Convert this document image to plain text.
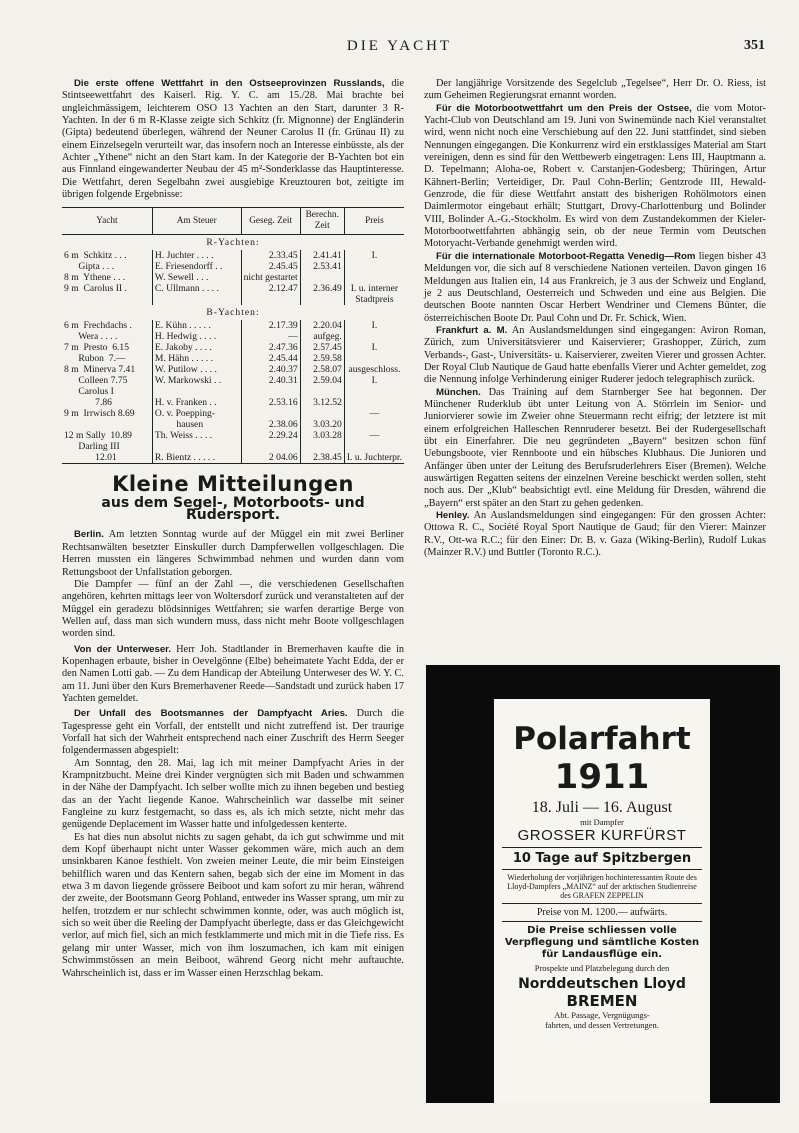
DIE YACHT	351

Die erste offene Wettfahrt in den Ostseeprovinzen Russlands, die Stintseewettfahrt des Kaiserl. Rig. Y. C. am 15./28. Mai brachte bei ungleichmässigem, leichterem OSO 13 Yachten an den Start, darunter 3 R-Yachten. In der 6 m R-Klasse zeigte sich Schkitz (fr. Mignonne) der Engländerin (Gipta) bedeutend überlegen, während der Neuner Carolus II (fr. Grünau II) zu einem Einzelsegeln verurteilt war, das insofern noch an Interesse einbüsste, als der Achter „Ythene“ nicht an den Start kam. In der Kategorie der B-Yachten bot ein aus Finnland eingewanderter Neubau der 45 m²-Sonderklasse das Hauptinteresse. Die Wettfahrt, deren Segelbahn zwei ausgiebige Kreuztouren bot, zeitigte im übrigen folgende Ergebnisse:

Yacht	Am Steuer	Geseg. Zeit	Berechn. Zeit	Preis
R-Yachten:				
6 m  Schkitz . . .	H. Juchter . . . .	2.33.45	2.41.41	I.
Gipta . . .	E. Friesendorff . .	2.45.45	2.53.41	
8 m  Ythene . . .	W. Sewell . . .	nicht gestartet		
9 m  Carolus II .	C. Ullmann . . . .	2.12.47	2.36.49	I. u. interner
				Stadtpreis
B-Yachten:				
6 m  Frechdachs .	E. Kühn . . . . .	2.17.39	2.20.04	I.
Wera . . . .	H. Hedwig . . . .	—	aufgeg.	
7 m  Presto  6.15	E. Jakoby . . . .	2.47.36	2.57.45	I.
Rubon  7.—	M. Hähn . . . . .	2.45.44	2.59.58	
8 m  Minerva 7.41	W. Putilow . . . .	2.40.37	2.58.07	ausgeschloss.
Colleen 7.75	W. Markowski . .	2.40.31	2.59.04	I.
Carolus I				
7.86	H. v. Franken . .	2.53.16	3.12.52	
9 m  Irrwisch 8.69	O. v. Poepping-			—
	hausen	2.38.06	3.03.20	
12 m Sally  10.89	Th. Weiss . . . .	2.29.24	3.03.28	—
Darling III				
12.01	R. Bientz . . . . .	2 04.06	2.38.45	I. u. Juchterpr.
Kleine Mitteilungen
aus dem Segel-, Motorboots- und Rudersport.

Berlin. Am letzten Sonntag wurde auf der Müggel ein mit zwei Berliner Rechtsanwälten besetzter Einskuller durch Dampferwellen vollgeschlagen. Die Herren mussten ein längeres Schwimmbad nehmen und wurden dann vom Rettungsboot der Unfallstation geborgen.

Die Dampfer — fünf an der Zahl —, die verschiedenen Gesellschaften angehören, kehrten mittags leer von Woltersdorf zurück und veranstalteten auf der Müggel ein geradezu blödsinniges Wettfahren; sie warfen derartige Berge von Wellen auf, dass man sich wundern muss, dass nicht mehr Boote vollgeschlagen worden sind.

Von der Unterweser. Herr Joh. Stadtlander in Bremerhaven kaufte die in Kopenhagen erbaute, bisher in Oevelgönne (Elbe) beheimatete Yacht Edda, der er den Namen Lotti gab. — Zu dem Handicap der Abteilung Unterweser des W. Y. C. am 11. Juni über den Kurs Bremerhavener Reede—Sandstadt und zurück haben 17 Yachten gemeldet.

Der Unfall des Bootsmannes der Dampfyacht Aries. Durch die Tagespresse geht ein Vorfall, der entstellt und nicht zutreffend ist. Der traurige Vorfall hat sich der Wahrheit entsprechend nach einer Zuschrift des Herrn Seeger folgendermassen abgespielt:

Am Sonntag, den 28. Mai, lag ich mit meiner Dampfyacht Aries in der Krampnitzbucht. Meine drei Kinder vergnügten sich mit Baden und schwammen in der Nähe der Dampfyacht. Ich selber wollte mich zu ihnen begeben und bestieg das an der Yacht liegende Kanoe. Wahrscheinlich war dasselbe mit seiner Fangleine zu kurz festgemacht, so dass es, als ich mich setzte, nicht mehr das genügende Deplacement im Wasser hatte und infolgedessen kenterte.

Es hat dies nun absolut nichts zu sagen gehabt, da ich gut schwimme und mit dem Kopf überhaupt nicht unter Wasser gekommen wäre, mich auch an dem unsinkbaren Kanoe festhielt. Von zweien meiner Leute, die mir beim Einsteigen behilflich waren und das Kentern sahen, begab sich der eine im Moment in das etwa 3 m davon liegende grössere Beiboot und kam sofort zu mir heran, während der zweite, der Bootsmann Georg Pohland, entweder ins Wasser sprang, um mir zu helfen, trotzdem er nur schlecht schwimmen konnte, oder, was auch möglich ist, sich so weit über die Reeling der Dampfyacht überlegte, dass er das Gleichgewicht verlor, auf mich fiel, sich an mich festklammerte und mich mit in die Tiefe riss. Es gelang mir unter Wasser, mich von ihm loszumachen, ich kam mit einigen Schwimmstössen an mein Beiboot, während Georg nicht mehr auftauchte. Wahrscheinlich ist, dass er im Wasser einen Herzschlag bekam.

Der langjährige Vorsitzende des Segelclub „Tegelsee“, Herr Dr. O. Riess, ist zum Geheimen Regierungsrat ernannt worden.

Für die Motorbootwettfahrt um den Preis der Ostsee, die vom Motor-Yacht-Club von Deutschland am 19. Juni von Swinemünde nach Kiel veranstaltet wird, wenn nicht noch eine Verschiebung auf den 22. Juni stattfindet, sind sieben Nennungen eingegangen. Die Konkurrenz wird ein erstklassiges Material am Start vereinigen, denn es sind für den Wettbewerb eingetragen: Lens III, Hauptmann a. D. Tepelmann; Aloha-oe, Robert v. Carstanjen-Godesberg; Thüringen, Artur Kähnert-Berlin; Verteidiger, Dr. Paul Cohn-Berlin; Gentzrode III, Hewald-Genzrode, die für diese Wettfahrt anstatt des bisherigen Rohölmotors einen Daimlermotor eingebaut erhält; Stuttgart, Drovy-Charlottenburg und Bolinder VIII, Bolinder A.-G.-Stockholm. Es wird von dem Zustandekommen der Kieler-Motorbootwettfahrten abhängig sein, ob der neue Termin vom Deutschen Motoryacht-Verbande genehmigt werden wird.

Für die internationale Motorboot-Regatta Venedig—Rom liegen bisher 43 Meldungen vor, die sich auf 8 verschiedene Nationen verteilen. Davon gingen 16 Meldungen aus Italien ein, 14 aus Frankreich, je 3 aus der Schweiz und England, je 2 aus Deutschland, Oesterreich und Schweden und eine aus Belgien. Die deutschen Boote nannten Oscar Herbert Wendriner und Clemens Bünter, die österreichischen Boote Dr. Paul Cohn und Dr. Fr. Schick, Wien.

Frankfurt a. M. An Auslandsmeldungen sind eingegangen: Aviron Roman, Zürich, zum Universitätsvierer und Kaiservierer; Grashopper, Zürich, zum Verbands-, Gast-, Universitäts- u. Kaiservierer, zweiten Vierer und grossen Achter. Der Royal Club Nautique de Gaud hatte ebenfalls Vierer und Achter gemeldet, zog die Nennung infolge Verhinderung einiger Ruderer jedoch telegraphisch zurück.

München. Das Training auf dem Starnberger See hat begonnen. Der Münchener Ruderklub übt unter Leitung von A. Störrlein im Senior- und Juniorvierer sowie im Zweier ohne Steuermann recht eifrig; der letztere ist mit einem erfolgreichen Halleschen Rennruderer besetzt. Bei der Rudergesellschaft übt ein Einerfahrer. Die neu gegründeten „Bayern“ besitzen schon fünf Uebungsboote, vier Rennboote und ein hübsches Klubhaus. Die Junioren und Anfänger üben unter der Leitung des Berufsruderlehrers Eiser (Bremen). Welche auswärtigen Regatten seitens der einzelnen Vereine beschickt werden sollen, steht noch aus. Der „Klub“ beabsichtigt evtl. eine Meldung für Dresden, während die „Bayern“ erst später an den Start zu gehen gedenken.

Henley. An Auslandsmeldungen sind eingegangen: Für den grossen Achter: Ottowa R. C., Société Royal Sport Nautique de Gaud; für den Vierer: Mainzer R.V., Ott-wa R.C.; für den Einer: Dr. B. v. Gaza (Wiking-Berlin), Rudolf Lukas (Mainzer R.V.) und Buttler (Toronto R.C.).

Polarfahrt
1911
18. Juli — 16. August
mit Dampfer
GROSSER KURFÜRST
10 Tage auf Spitzbergen
Wiederholung der vorjährigen hochinteressanten Route des Lloyd-Dampfers „MAINZ“ auf der arktischen Studienreise des GRAFEN ZEPPELIN
Preise von M. 1200.— aufwärts.
Die Preise schliessen volle Verpflegung und sämtliche Kosten für Landausflüge ein.
Prospekte und Platzbelegung durch den
Norddeutschen Lloyd
BREMEN
Abt. Passage, Vergnügungs-
fahrten, und dessen Vertretungen.
